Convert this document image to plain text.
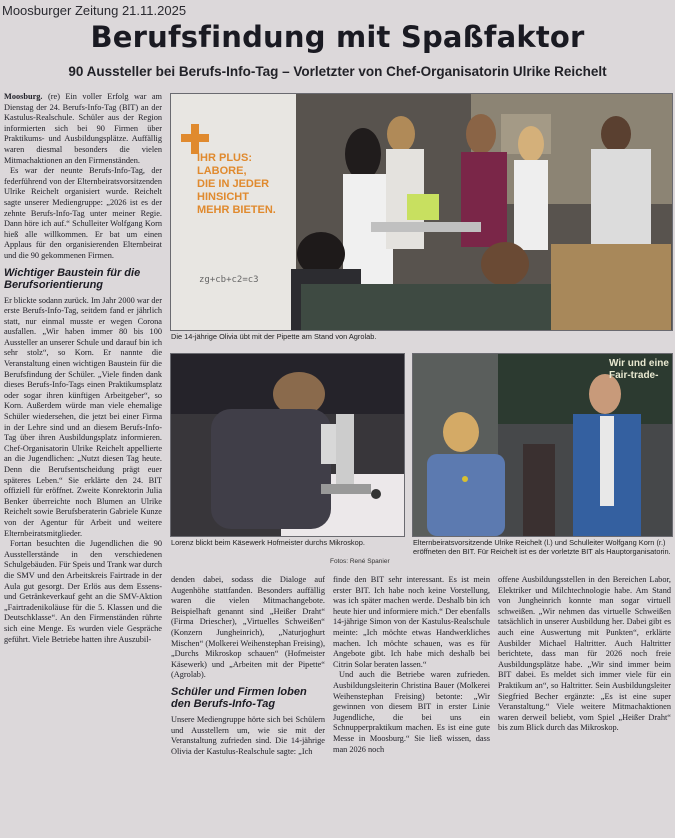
Moosburger Zeitung 21.11.2025
Berufsfindung mit Spaßfaktor
90 Aussteller bei Berufs-Info-Tag – Vorletzter von Chef-Organisatorin Ulrike Reichelt

Moosburg. (re) Ein voller Erfolg war am Dienstag der 24. Berufs-Info-Tag (BIT) an der Kastulus-Realschule. Schüler aus der Region informierten sich bei 90 Firmen über Praktikums- und Ausbildungsplätze. Auffällig waren diesmal besonders die vielen Mitmachaktionen an den Firmenständen.

Es war der neunte Berufs-Info-Tag, der federführend von der Elternbeiratsvorsitzenden Ulrike Reichelt organisiert wurde. Reichelt sagte unserer Mediengruppe: „2026 ist es der zehnte Berufs-Info-Tag unter meiner Regie. Dann höre ich auf.“ Schulleiter Wolfgang Korn hieß alle willkommen. Er bat um einen Applaus für den organisierenden Elternbeirat und die 90 gekommenen Firmen.

Wichtiger Baustein für die Berufsorientierung

Er blickte sodann zurück. Im Jahr 2000 war der erste Berufs-Info-Tag, seitdem fand er jährlich statt, nur einmal musste er wegen Corona ausfallen. „Wir haben immer 80 bis 100 Aussteller an unserer Schule und darauf bin ich sehr stolz“, so Korn. Er nannte die Veranstaltung einen wichtigen Baustein für die Berufsfindung der Schüler. „Viele finden dank dieses Berufs-Info-Tags einen Praktikumsplatz oder sogar ihren künftigen Arbeitgeber“, so Korn. Außerdem würde man viele ehemalige Schüler wiedersehen, die jetzt bei einer Firma in der Lehre sind und an diesem Berufs-Info-Tag über ihren Ausbildungsplatz informieren. Chef-Organisatorin Ulrike Reichelt appellierte an die Jugendlichen: „Nutzt diesen Tag heute. Denn die Berufsentscheidung prägt euer späteres Leben.“ Sie erklärte den 24. BIT offiziell für eröffnet. Zweite Konrektorin Julia Benker überreichte noch Blumen an Ulrike Reichelt sowie Berufsberaterin Gabriele Kunze von der Agentur für Arbeit und weitere Elternbeiratsmitglieder.

Fortan besuchten die Jugendlichen die 90 Ausstellerstände in den verschiedenen Schulgebäuden. Für Speis und Trank war durch die SMV und den Arbeitskreis Fairtrade in der Aula gut gesorgt. Der Erlös aus dem Essens- und Getränkeverkauf geht an die SMV-Aktion „Fairtradenikoläuse für die 5. Klassen und die Deutschklasse“. An den Firmenständen rührte sich eine Menge. Es wurden viele Gespräche geführt. Viele Betriebe hatten ihre Auszubil-

zg+cb+c2=c3
IHR PLUS:
LABORE,
DIE IN JEDER
HINSICHT
MEHR BIETEN.
Die 14-jährige Olivia übt mit der Pipette am Stand von Agrolab.
Lorenz blickt beim Käsewerk Hofmeister durchs Mikroskop.
Fotos: René Spanier
Wir und eine Fair-trade-
Elternbeiratsvorsitzende Ulrike Reichelt (l.) und Schulleiter Wolfgang Korn (r.) eröffneten den BIT. Für Reichelt ist es der vorletzte BIT als Hauptorganisatorin.

denden dabei, sodass die Dialoge auf Augenhöhe stattfanden. Besonders auffällig waren die vielen Mitmachangebote. Beispielhaft genannt sind „Heißer Draht“ (Firma Driescher), „Virtuelles Schweißen“ (Konzern Jungheinrich), „Naturjoghurt Mischen“ (Molkerei Weihenstephan Freising), „Durchs Mikroskop schauen“ (Hofmeister Käsewerk) und „Arbeiten mit der Pipette“ (Agrolab).

Schüler und Firmen loben den Berufs-Info-Tag

Unsere Mediengruppe hörte sich bei Schülern und Ausstellern um, wie sie mit der Veranstaltung zufrieden sind. Die 14-jährige Olivia der Kastulus-Realschule sagte: „Ich

finde den BIT sehr interessant. Es ist mein erster BIT. Ich habe noch keine Vorstellung, was ich später machen werde. Deshalb bin ich heute hier und informiere mich.“ Der ebenfalls 14-jährige Simon von der Kastulus-Realschule meinte: „Ich möchte etwas Handwerkliches machen. Ich möchte schauen, was es für Angebote gibt. Ich habe mich deshalb bei Citrin Solar beraten lassen.“

Und auch die Betriebe waren zufrieden. Ausbildungsleiterin Christina Bauer (Molkerei Weihenstephan Freising) betonte: „Wir gewinnen von diesem BIT in erster Linie Jugendliche, die bei uns ein Schnupperpraktikum machen. Es ist eine gute Messe in Moosburg.“ Sie ließ wissen, dass man 2026 noch

offene Ausbildungsstellen in den Bereichen Labor, Elektriker und Milchtechnologie habe. Am Stand von Jungheinrich konnte man sogar virtuell schweißen. „Wir nehmen das virtuelle Schweißen tatsächlich in unserer Ausbildung her. Dabei gibt es auch eine Auswertung mit Punkten“, erklärte Ausbilder Michael Haltritter. Auch Haltritter berichtete, dass man für 2026 noch freie Ausbildungsplätze habe. „Wir sind immer beim BIT dabei. Es meldet sich immer viele für ein Praktikum an“, so Haltritter. Sein Ausbildungsleiter Siegfried Becher ergänzte: „Es ist eine super Veranstaltung.“ Viele weitere Mitmachaktionen waren derweil beliebt, vom Spiel „Heißer Draht“ bis zum Blick durch das Mikroskop.
